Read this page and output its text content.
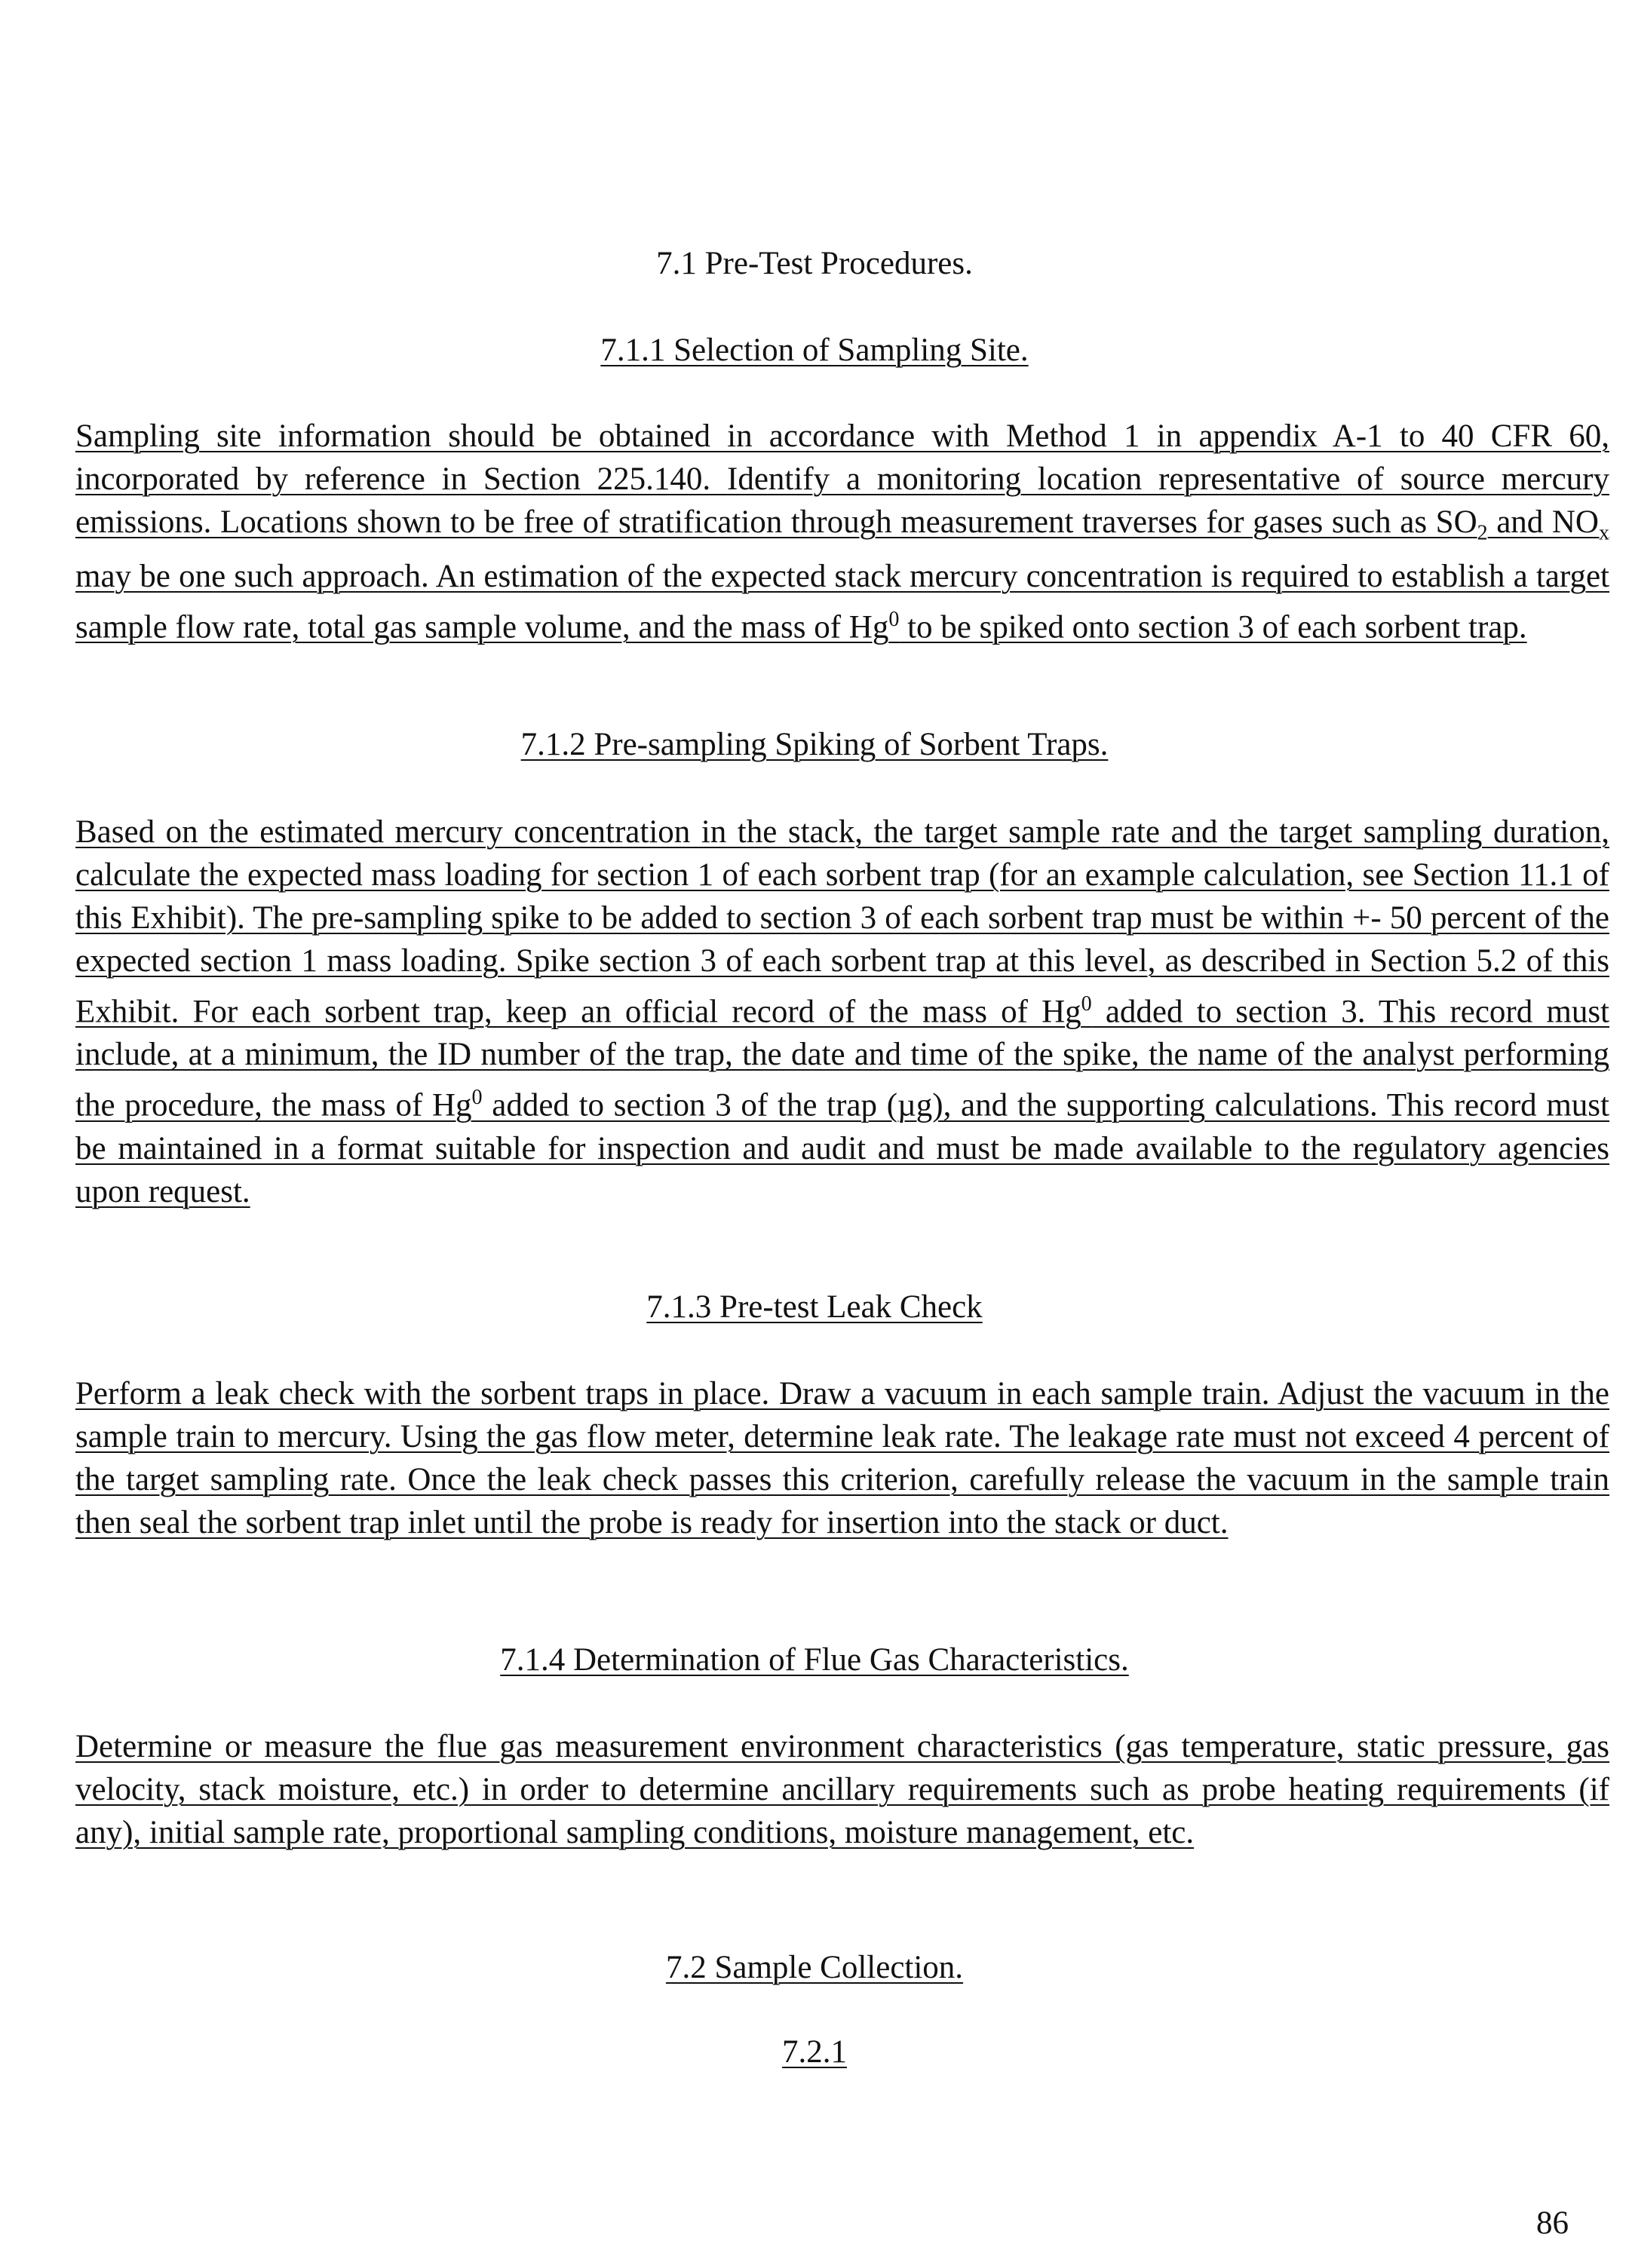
7.1 Pre-Test Procedures.
7.1.1 Selection of Sampling Site.
Sampling site information should be obtained in accordance with Method 1 in appendix A-1 to 40 CFR 60, incorporated by reference in Section 225.140. Identify a monitoring location representative of source mercury emissions. Locations shown to be free of stratification through measurement traverses for gases such as $SO_2$ and $NO_x$ may be one such approach. An estimation of the expected stack mercury concentration is required to establish a target sample flow rate, total gas sample volume, and the mass of Hg$^0$ to be spiked onto section 3 of each sorbent trap.
7.1.2 Pre-sampling Spiking of Sorbent Traps.
Based on the estimated mercury concentration in the stack, the target sample rate and the target sampling duration, calculate the expected mass loading for section 1 of each sorbent trap (for an example calculation, see Section 11.1 of this Exhibit). The pre-sampling spike to be added to section 3 of each sorbent trap must be within +- 50 percent of the expected section 1 mass loading. Spike section 3 of each sorbent trap at this level, as described in Section 5.2 of this Exhibit. For each sorbent trap, keep an official record of the mass of Hg$^0$ added to section 3. This record must include, at a minimum, the ID number of the trap, the date and time of the spike, the name of the analyst performing the procedure, the mass of Hg$^0$ added to section 3 of the trap (µg), and the supporting calculations. This record must be maintained in a format suitable for inspection and audit and must be made available to the regulatory agencies upon request.
7.1.3 Pre-test Leak Check
Perform a leak check with the sorbent traps in place. Draw a vacuum in each sample train. Adjust the vacuum in the sample train to mercury. Using the gas flow meter, determine leak rate. The leakage rate must not exceed 4 percent of the target sampling rate. Once the leak check passes this criterion, carefully release the vacuum in the sample train then seal the sorbent trap inlet until the probe is ready for insertion into the stack or duct.
7.1.4 Determination of Flue Gas Characteristics.
Determine or measure the flue gas measurement environment characteristics (gas temperature, static pressure, gas velocity, stack moisture, etc.) in order to determine ancillary requirements such as probe heating requirements (if any), initial sample rate, proportional sampling conditions, moisture management, etc.
7.2 Sample Collection.
7.2.1
86
